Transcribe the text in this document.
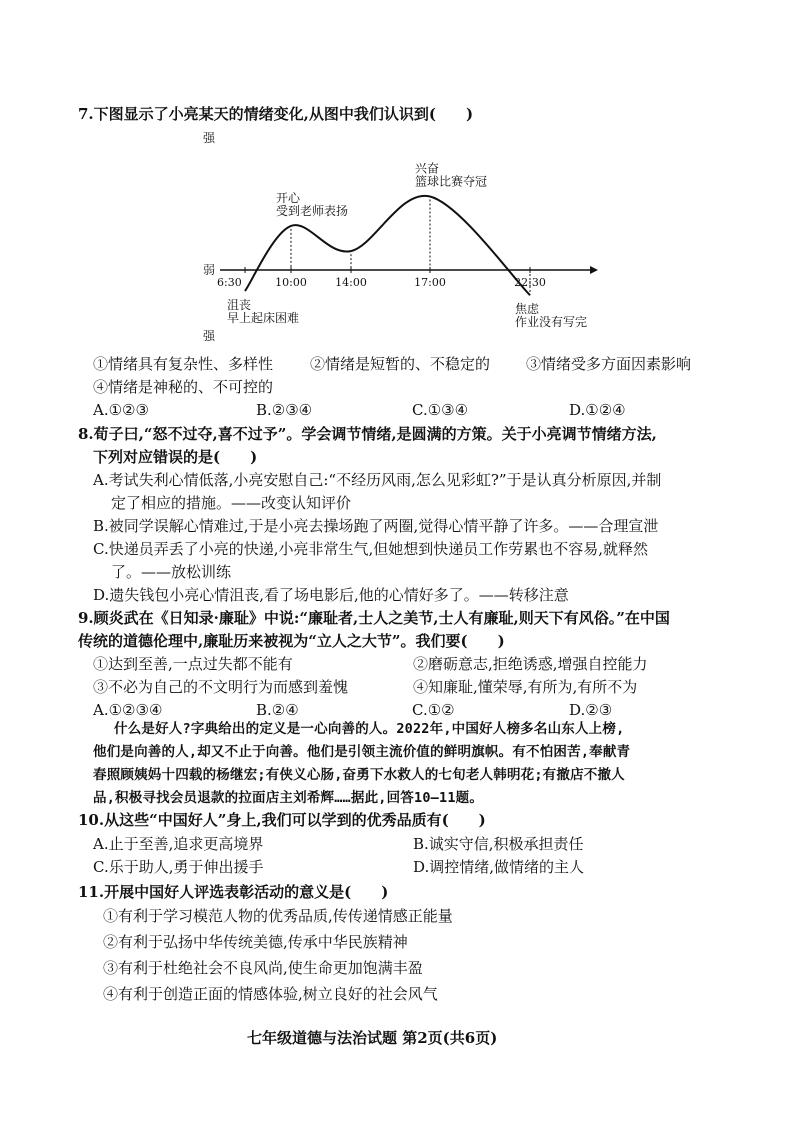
7.下图显示了小亮某天的情绪变化,从图中我们认识到(　　)
强
弱
强
6:30	10:00	14:00	17:00	22:30
沮丧
早上起床困难
开心
受到老师表扬
兴奋
篮球比赛夺冠
焦虑
作业没有写完
①情绪具有复杂性、多样性 ②情绪是短暂的、不稳定的 ③情绪受多方面因素影响
④情绪是神秘的、不可控的
A.①②③	B.②③④	C.①③④	D.①②④
8.荀子曰,“怒不过夺,喜不过予”。学会调节情绪,是圆满的方策。关于小亮调节情绪方法,
下列对应错误的是(　　)
A.考试失利心情低落,小亮安慰自己:“不经历风雨,怎么见彩虹?”于是认真分析原因,并制
定了相应的措施。——改变认知评价
B.被同学误解心情难过,于是小亮去操场跑了两圈,觉得心情平静了许多。——合理宣泄
C.快递员弄丢了小亮的快递,小亮非常生气,但她想到快递员工作劳累也不容易,就释然
了。——放松训练
D.遗失钱包小亮心情沮丧,看了场电影后,他的心情好多了。——转移注意
9.顾炎武在《日知录·廉耻》中说:“廉耻者,士人之美节,士人有廉耻,则天下有风俗。”在中国
传统的道德伦理中,廉耻历来被视为“立人之大节”。我们要(　　)
①达到至善,一点过失都不能有	②磨砺意志,拒绝诱惑,增强自控能力
③不必为自己的不文明行为而感到羞愧	④知廉耻,懂荣辱,有所为,有所不为
A.①②③④	B.②④	C.①②	D.②③
什么是好人?字典给出的定义是一心向善的人。2022年,中国好人榜多名山东人上榜,
他们是向善的人,却又不止于向善。他们是引领主流价值的鲜明旗帜。有不怕困苦,奉献青
春照顾姨妈十四载的杨继宏;有侠义心肠,奋勇下水救人的七旬老人韩明花;有撤店不撤人
品,积极寻找会员退款的拉面店主刘希辉……据此,回答10—11题。
10.从这些“中国好人”身上,我们可以学到的优秀品质有(　　)
A.止于至善,追求更高境界	B.诚实守信,积极承担责任
C.乐于助人,勇于伸出援手	D.调控情绪,做情绪的主人
11.开展中国好人评选表彰活动的意义是(　　)
①有利于学习模范人物的优秀品质,传传递情感正能量
②有利于弘扬中华传统美德,传承中华民族精神
③有利于杜绝社会不良风尚,使生命更加饱满丰盈
④有利于创造正面的情感体验,树立良好的社会风气
七年级道德与法治试题 第2页(共6页)
